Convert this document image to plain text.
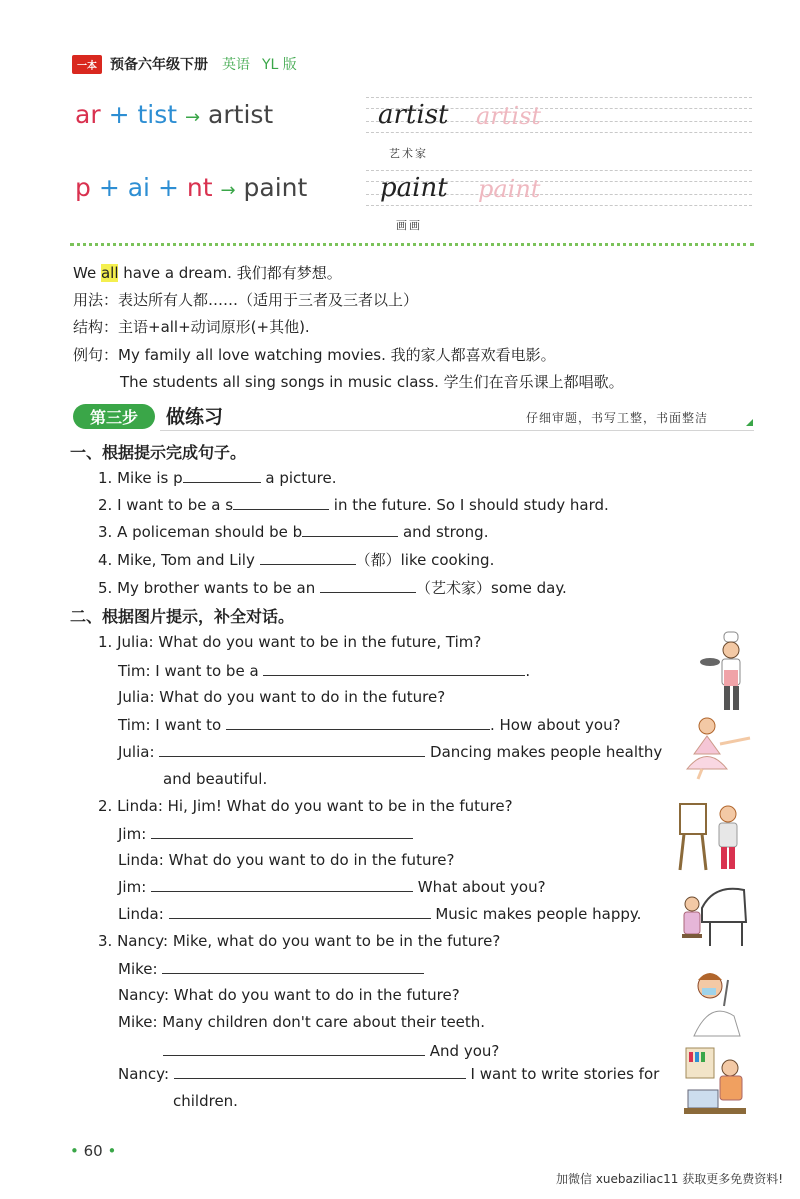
一本 预备六年级下册 英语 YL 版
ar + tist → artist	artist artist
艺术家
p + ai + nt → paint	paint paint
画画
We all have a dream. 我们都有梦想。
用法：表达所有人都……（适用于三者及三者以上）
结构：主语+all+动词原形(+其他).
例句：My family all love watching movies. 我的家人都喜欢看电影。
The students all sing songs in music class. 学生们在音乐课上都唱歌。
第三步	做练习	仔细审题，书写工整，书面整洁
一、根据提示完成句子。
1. Mike is p	a picture.
2. I want to be a s	in the future. So I should study hard.
3. A policeman should be b	and strong.
4. Mike, Tom and Lily	（都）like cooking.
5. My brother wants to be an	（艺术家）some day.
二、根据图片提示，补全对话。
1. Julia: What do you want to be in the future, Tim?
Tim: I want to be a	.
Julia: What do you want to do in the future?
Tim: I want to	. How about you?
Julia:	Dancing makes people healthy
and beautiful.
2. Linda: Hi, Jim! What do you want to be in the future?
Jim:
Linda: What do you want to do in the future?
Jim:	What about you?
Linda:	Music makes people happy.
3. Nancy: Mike, what do you want to be in the future?
Mike:
Nancy: What do you want to do in the future?
Mike: Many children don't care about their teeth.
And you?
Nancy:	I want to write stories for
children.
• 60 •
加微信 xuebaziliac11 获取更多免费资料!
